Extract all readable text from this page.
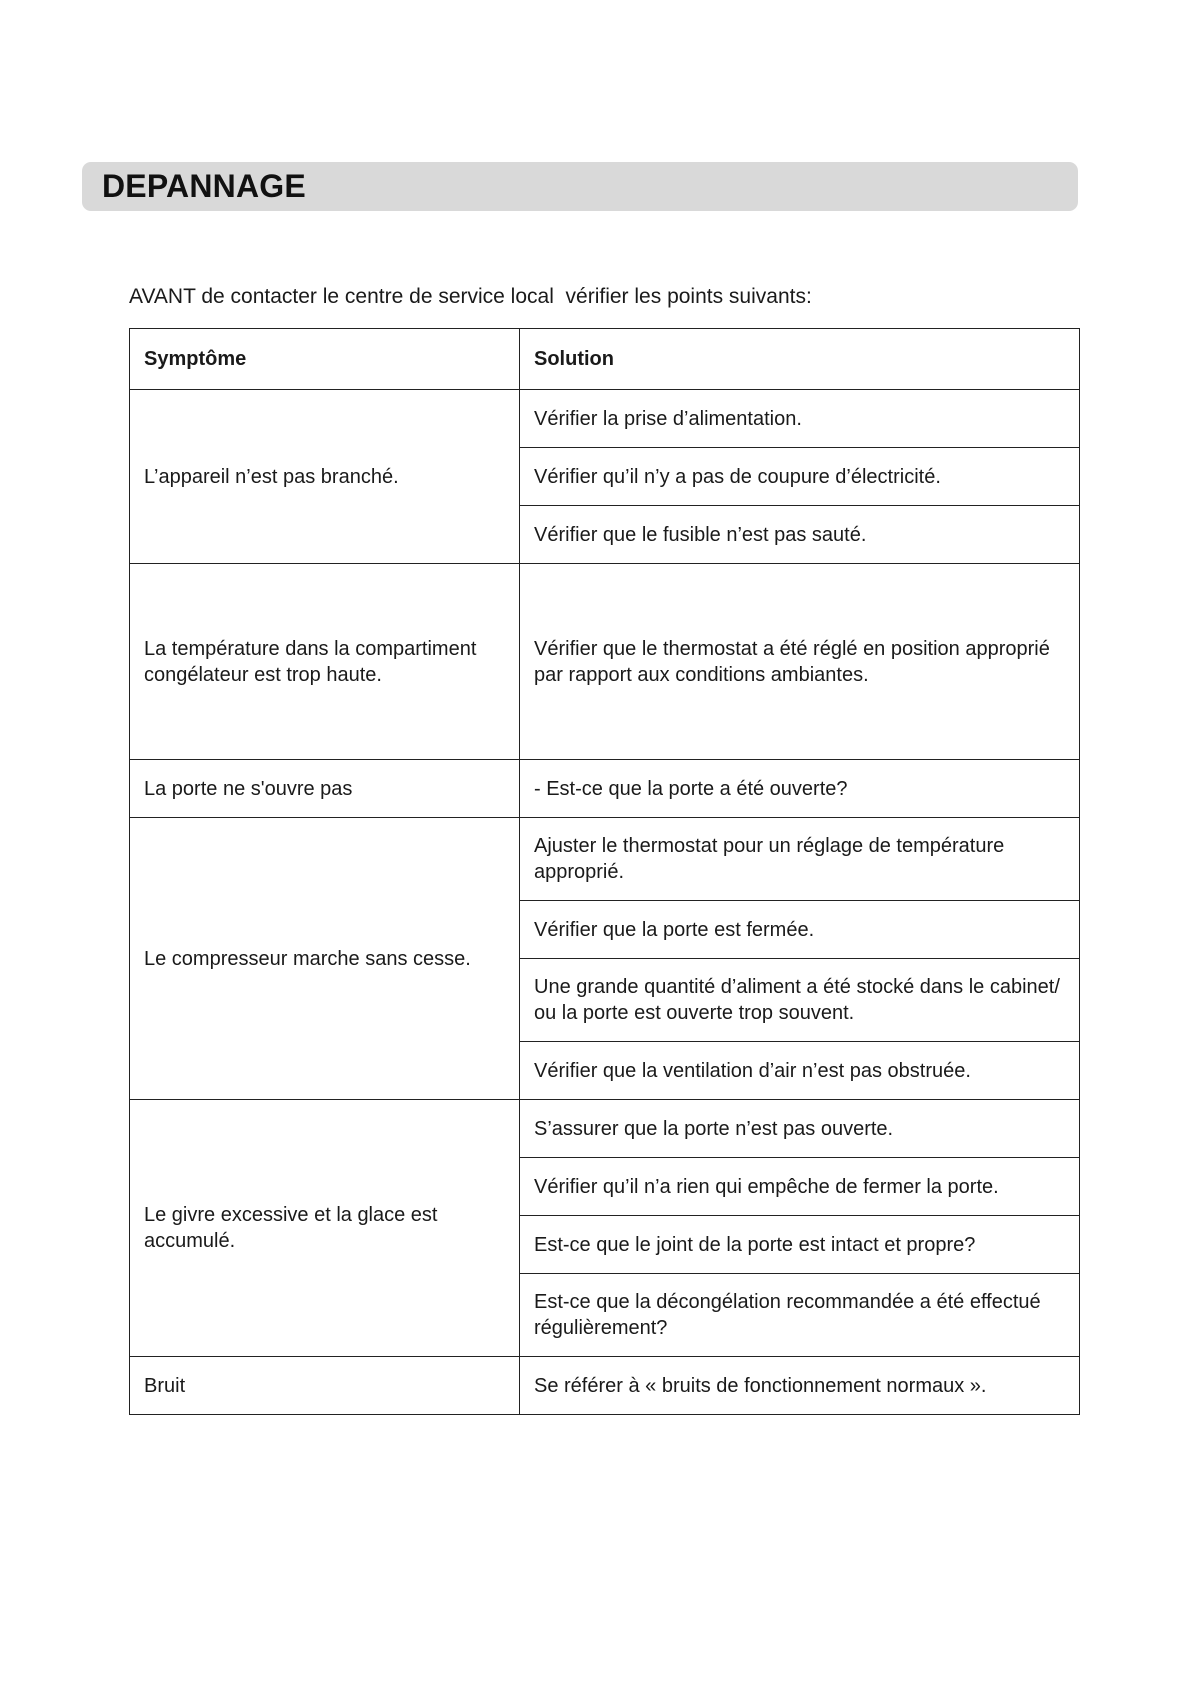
DEPANNAGE
AVANT de contacter le centre de service local  vérifier les points suivants:
Symptôme	Solution
L’appareil n’est pas branché.	Vérifier la prise d’alimentation.
	Vérifier qu’il n’y a pas de coupure d’électricité.
	Vérifier que le fusible n’est pas sauté.
La température dans la compartiment congélateur est trop haute.	Vérifier que le thermostat a été réglé en position approprié par rapport aux conditions ambiantes.
La porte ne s'ouvre pas	- Est-ce que la porte a été ouverte?
Le compresseur marche sans cesse.	Ajuster le thermostat pour un réglage de température approprié.
	Vérifier que la porte est fermée.
	Une grande quantité d’aliment a été stocké dans le cabinet/ ou la porte est ouverte trop souvent.
	Vérifier que la ventilation d’air n’est pas obstruée.
Le givre excessive et la glace est accumulé.	S’assurer que la porte n’est pas ouverte.
	Vérifier qu’il n’a rien qui empêche de fermer la porte.
	Est-ce que le joint de la porte est intact et propre?
	Est-ce que la décongélation recommandée a été effectué régulièrement?
Bruit	Se référer à « bruits de fonctionnement normaux ».
